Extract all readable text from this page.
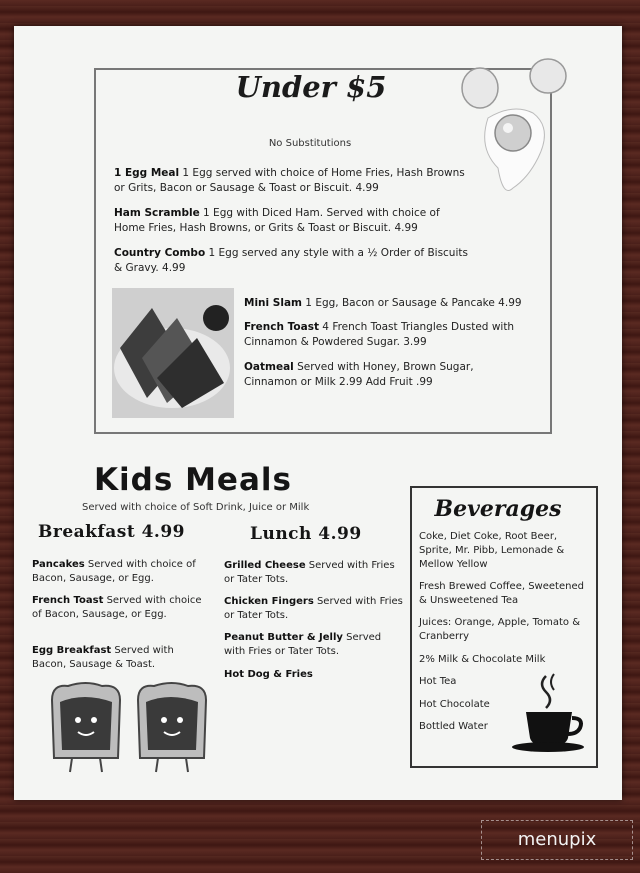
Under $5
No Substitutions
1 Egg Meal 1 Egg served with choice of Home Fries, Hash Browns or Grits, Bacon or Sausage & Toast or Biscuit. 4.99
Ham Scramble 1 Egg with Diced Ham. Served with choice of Home Fries, Hash Browns, or Grits & Toast or Biscuit. 4.99
Country Combo 1 Egg served any style with a ½ Order of Biscuits & Gravy. 4.99
Mini Slam 1 Egg, Bacon or Sausage & Pancake 4.99
French Toast 4 French Toast Triangles Dusted with Cinnamon & Powdered Sugar. 3.99
Oatmeal Served with Honey, Brown Sugar, Cinnamon or Milk 2.99 Add Fruit .99
Kids Meals
Served with choice of Soft Drink, Juice or Milk
Breakfast 4.99	Lunch 4.99
Pancakes Served with choice of Bacon, Sausage, or Egg.
French Toast Served with choice of Bacon, Sausage, or Egg.
Egg Breakfast Served with Bacon, Sausage & Toast.
Grilled Cheese Served with Fries or Tater Tots.
Chicken Fingers Served with Fries or Tater Tots.
Peanut Butter & Jelly Served with Fries or Tater Tots.
Hot Dog & Fries
Beverages
Coke, Diet Coke, Root Beer, Sprite, Mr. Pibb, Lemonade & Mellow Yellow
Fresh Brewed Coffee, Sweetened & Unsweetened Tea
Juices: Orange, Apple, Tomato & Cranberry
2% Milk & Chocolate Milk
Hot Tea
Hot Chocolate
Bottled Water
menupix
